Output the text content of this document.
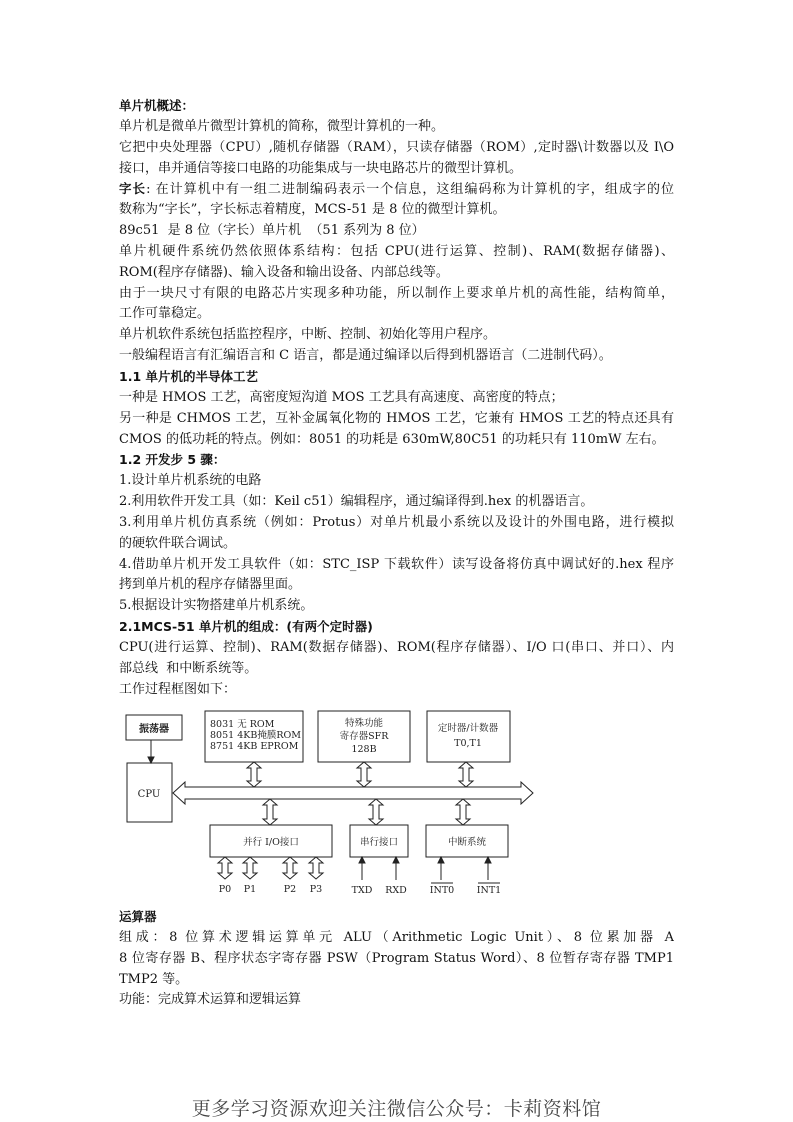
单片机概述：
单片机是微单片微型计算机的简称，微型计算机的一种。
它把中央处理器（CPU）,随机存储器（RAM），只读存储器（ROM）,定时器\计数器以及 I\O
接口，串并通信等接口电路的功能集成与一块电路芯片的微型计算机。
字长: 在计算机中有一组二进制编码表示一个信息，这组编码称为计算机的字，组成字的位
数称为“字长”，字长标志着精度，MCS-51 是 8 位的微型计算机。
89c51  是 8 位（字长）单片机  （51 系列为 8 位）
单片机硬件系统仍然依照体系结构：包括 CPU(进行运算、控制)、RAM(数据存储器)、
ROM(程序存储器)、输入设备和输出设备、内部总线等。
由于一块尺寸有限的电路芯片实现多种功能，所以制作上要求单片机的高性能，结构简单，
工作可靠稳定。
单片机软件系统包括监控程序，中断、控制、初始化等用户程序。
一般编程语言有汇编语言和 C 语言，都是通过编译以后得到机器语言（二进制代码）。
1.1 单片机的半导体工艺
一种是 HMOS 工艺，高密度短沟道 MOS 工艺具有高速度、高密度的特点；
另一种是 CHMOS 工艺，互补金属氧化物的 HMOS 工艺，它兼有 HMOS 工艺的特点还具有
CMOS 的低功耗的特点。例如：8051 的功耗是 630mW,80C51 的功耗只有 110mW 左右。
1.2 开发步 5 骤：
1.设计单片机系统的电路
2.利用软件开发工具（如：Keil c51）编辑程序，通过编译得到.hex 的机器语言。
3.利用单片机仿真系统（例如：Protus）对单片机最小系统以及设计的外围电路，进行模拟
的硬软件联合调试。
4.借助单片机开发工具软件（如：STC_ISP 下载软件）读写设备将仿真中调试好的.hex 程序
拷到单片机的程序存储器里面。
5.根据设计实物搭建单片机系统。
2.1MCS-51 单片机的组成：(有两个定时器)
CPU(进行运算、控制)、RAM(数据存储器)、ROM(程序存储器）、I/O 口(串口、并口）、内
部总线  和中断系统等。
工作过程框图如下：
振荡器
CPU
8031 无 ROM
8051 4KB掩膜ROM
8751 4KB EPROM
特殊功能
寄存器SFR
128B
定时器/计数器
T0,T1
并行 I/O接口	串行接口	中断系统
P0 P1	P2 P3	TXD RXD INT0 INT1
运算器
组成：8 位算术逻辑运算单元 ALU（Arithmetic Logic Unit）、8 位累加器 A
8 位寄存器 B、程序状态字寄存器 PSW（Program Status Word）、8 位暂存寄存器 TMP1
TMP2 等。
功能：完成算术运算和逻辑运算
更多学习资源欢迎关注微信公众号：卡莉资料馆
